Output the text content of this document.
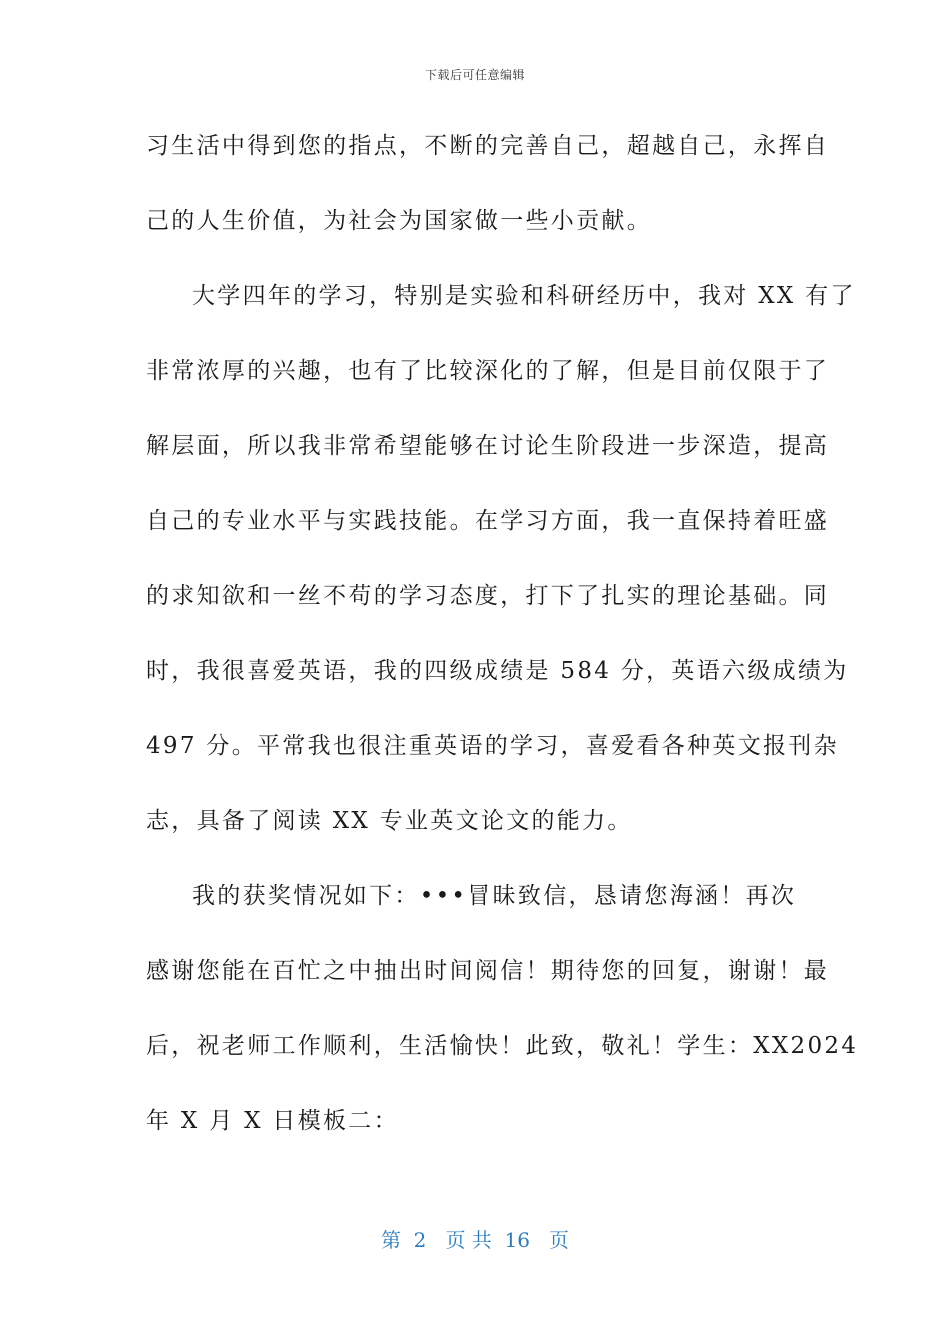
下载后可任意编辑
习生活中得到您的指点，不断的完善自己，超越自己，永挥自
己的人生价值，为社会为国家做一些小贡献。
大学四年的学习，特别是实验和科研经历中，我对 XX 有了
非常浓厚的兴趣，也有了比较深化的了解，但是目前仅限于了
解层面，所以我非常希望能够在讨论生阶段进一步深造，提高
自己的专业水平与实践技能。在学习方面，我一直保持着旺盛
的求知欲和一丝不苟的学习态度，打下了扎实的理论基础。同
时，我很喜爱英语，我的四级成绩是 584 分，英语六级成绩为
497 分。平常我也很注重英语的学习，喜爱看各种英文报刊杂
志，具备了阅读 XX 专业英文论文的能力。
我的获奖情况如下：•••冒昧致信，恳请您海涵！再次
感谢您能在百忙之中抽出时间阅信！期待您的回复，谢谢！最
后，祝老师工作顺利，生活愉快！此致，敬礼！学生：XX2024
年 X 月 X 日模板二：
第  2   页 共  16   页
